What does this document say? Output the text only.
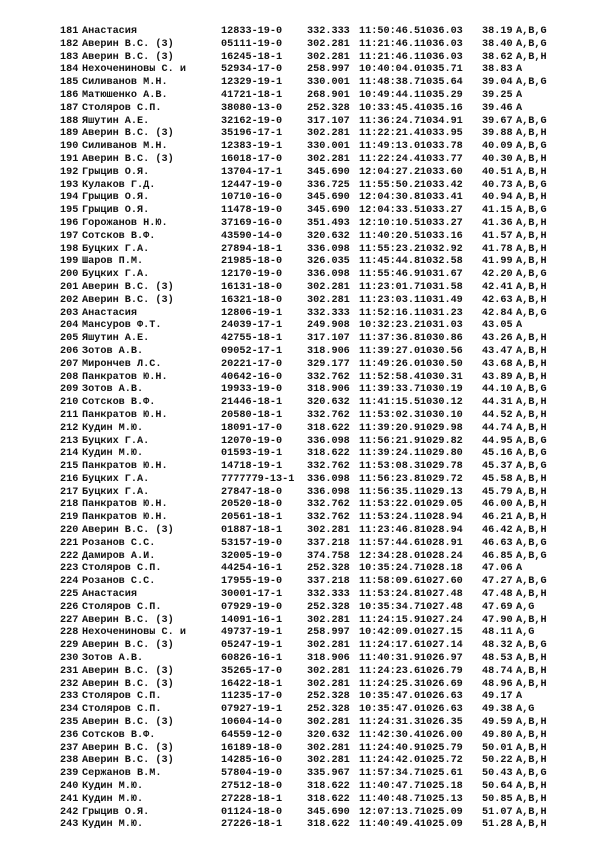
181 Анастасия	12833-19-0 332.333 11:50:46.5 1036.03 38.19 A,B,G
182 Аверин В.С. (3)	05111-19-0 302.281 11:21:46.1 1036.03 38.40 A,B,G
183 Аверин В.С. (3)	16245-18-1 302.281 11:21:46.1 1036.03 38.62 A,B,H
184 Нехочениновы С. и	52934-17-0 258.997 10:40:04.0 1035.71 38.83 A
185 Силиванов М.Н.	12329-19-1 330.001 11:48:38.7 1035.64 39.04 A,B,G
186 Матюшенко А.В.	41721-18-1 268.901 10:49:44.1 1035.29 39.25 A
187 Столяров С.П.	38080-13-0 252.328 10:33:45.4 1035.16 39.46 A
188 Яшутин А.Е.	32162-19-0 317.107 11:36:24.7 1034.91 39.67 A,B,G
189 Аверин В.С. (3)	35196-17-1 302.281 11:22:21.4 1033.95 39.88 A,B,H
190 Силиванов М.Н.	12383-19-1 330.001 11:49:13.0 1033.78 40.09 A,B,G
191 Аверин В.С. (3)	16018-17-0 302.281 11:22:24.4 1033.77 40.30 A,B,H
192 Грыцив О.Я.	13704-17-1 345.690 12:04:27.2 1033.60 40.51 A,B,H
193 Кулаков Г.Д.	12447-19-0 336.725 11:55:50.2 1033.42 40.73 A,B,G
194 Грыцив О.Я.	10710-16-0 345.690 12:04:30.8 1033.41 40.94 A,B,H
195 Грыцив О.Я.	11478-19-0 345.690 12:04:33.5 1033.27 41.15 A,B,G
196 Горожанов Н.Ю.	37169-16-0 351.493 12:10:10.5 1033.27 41.36 A,B,H
197 Сотсков В.Ф.	43590-14-0 320.632 11:40:20.5 1033.16 41.57 A,B,H
198 Буцких Г.А.	27894-18-1 336.098 11:55:23.2 1032.92 41.78 A,B,H
199 Шаров П.М.	21985-18-0 326.035 11:45:44.8 1032.58 41.99 A,B,H
200 Буцких Г.А.	12170-19-0 336.098 11:55:46.9 1031.67 42.20 A,B,G
201 Аверин В.С. (3)	16131-18-0 302.281 11:23:01.7 1031.58 42.41 A,B,H
202 Аверин В.С. (3)	16321-18-0 302.281 11:23:03.1 1031.49 42.63 A,B,H
203 Анастасия	12806-19-1 332.333 11:52:16.1 1031.23 42.84 A,B,G
204 Мансуров Ф.Т.	24039-17-1 249.908 10:32:23.2 1031.03 43.05 A
205 Яшутин А.Е.	42755-18-1 317.107 11:37:36.8 1030.86 43.26 A,B,H
206 Зотов А.В.	09052-17-1 318.906 11:39:27.0 1030.56 43.47 A,B,H
207 Мирончев Л.С.	20221-17-0 329.177 11:49:26.0 1030.50 43.68 A,B,H
208 Панкратов Ю.Н.	40642-16-0 332.762 11:52:58.4 1030.31 43.89 A,B,H
209 Зотов А.В.	19933-19-0 318.906 11:39:33.7 1030.19 44.10 A,B,G
210 Сотсков В.Ф.	21446-18-1 320.632 11:41:15.5 1030.12 44.31 A,B,H
211 Панкратов Ю.Н.	20580-18-1 332.762 11:53:02.3 1030.10 44.52 A,B,H
212 Кудин М.Ю.	18091-17-0 318.622 11:39:20.9 1029.98 44.74 A,B,H
213 Буцких Г.А.	12070-19-0 336.098 11:56:21.9 1029.82 44.95 A,B,G
214 Кудин М.Ю.	01593-19-1 318.622 11:39:24.1 1029.80 45.16 A,B,G
215 Панкратов Ю.Н.	14718-19-1 332.762 11:53:08.3 1029.78 45.37 A,B,G
216 Буцких Г.А.	7777779-13-1 336.098 11:56:23.8 1029.72 45.58 A,B,H
217 Буцких Г.А.	27847-18-0 336.098 11:56:35.1 1029.13 45.79 A,B,H
218 Панкратов Ю.Н.	20520-18-0 332.762 11:53:22.0 1029.05 46.00 A,B,H
219 Панкратов Ю.Н.	20561-18-1 332.762 11:53:24.1 1028.94 46.21 A,B,H
220 Аверин В.С. (3)	01887-18-1 302.281 11:23:46.8 1028.94 46.42 A,B,H
221 Розанов С.С.	53157-19-0 337.218 11:57:44.6 1028.91 46.63 A,B,G
222 Дамиров А.И.	32005-19-0 374.758 12:34:28.0 1028.24 46.85 A,B,G
223 Столяров С.П.	44254-16-1 252.328 10:35:24.7 1028.18 47.06 A
224 Розанов С.С.	17955-19-0 337.218 11:58:09.6 1027.60 47.27 A,B,G
225 Анастасия	30001-17-1 332.333 11:53:24.8 1027.48 47.48 A,B,H
226 Столяров С.П.	07929-19-0 252.328 10:35:34.7 1027.48 47.69 A,G
227 Аверин В.С. (3)	14091-16-1 302.281 11:24:15.9 1027.24 47.90 A,B,H
228 Нехочениновы С. и	49737-19-1 258.997 10:42:09.0 1027.15 48.11 A,G
229 Аверин В.С. (3)	05247-19-1 302.281 11:24:17.6 1027.14 48.32 A,B,G
230 Зотов А.В.	60826-16-1 318.906 11:40:31.9 1026.97 48.53 A,B,H
231 Аверин В.С. (3)	35265-17-0 302.281 11:24:23.6 1026.79 48.74 A,B,H
232 Аверин В.С. (3)	16422-18-1 302.281 11:24:25.3 1026.69 48.96 A,B,H
233 Столяров С.П.	11235-17-0 252.328 10:35:47.0 1026.63 49.17 A
234 Столяров С.П.	07927-19-1 252.328 10:35:47.0 1026.63 49.38 A,G
235 Аверин В.С. (3)	10604-14-0 302.281 11:24:31.3 1026.35 49.59 A,B,H
236 Сотсков В.Ф.	64559-12-0 320.632 11:42:30.4 1026.00 49.80 A,B,H
237 Аверин В.С. (3)	16189-18-0 302.281 11:24:40.9 1025.79 50.01 A,B,H
238 Аверин В.С. (3)	14285-16-0 302.281 11:24:42.0 1025.72 50.22 A,B,H
239 Сержанов В.М.	57804-19-0 335.967 11:57:34.7 1025.61 50.43 A,B,G
240 Кудин М.Ю.	27512-18-0 318.622 11:40:47.7 1025.18 50.64 A,B,H
241 Кудин М.Ю.	27228-18-1 318.622 11:40:48.7 1025.13 50.85 A,B,H
242 Грыцив О.Я.	01124-18-0 345.690 12:07:13.7 1025.09 51.07 A,B,H
243 Кудин М.Ю.	27226-18-1 318.622 11:40:49.4 1025.09 51.28 A,B,H
